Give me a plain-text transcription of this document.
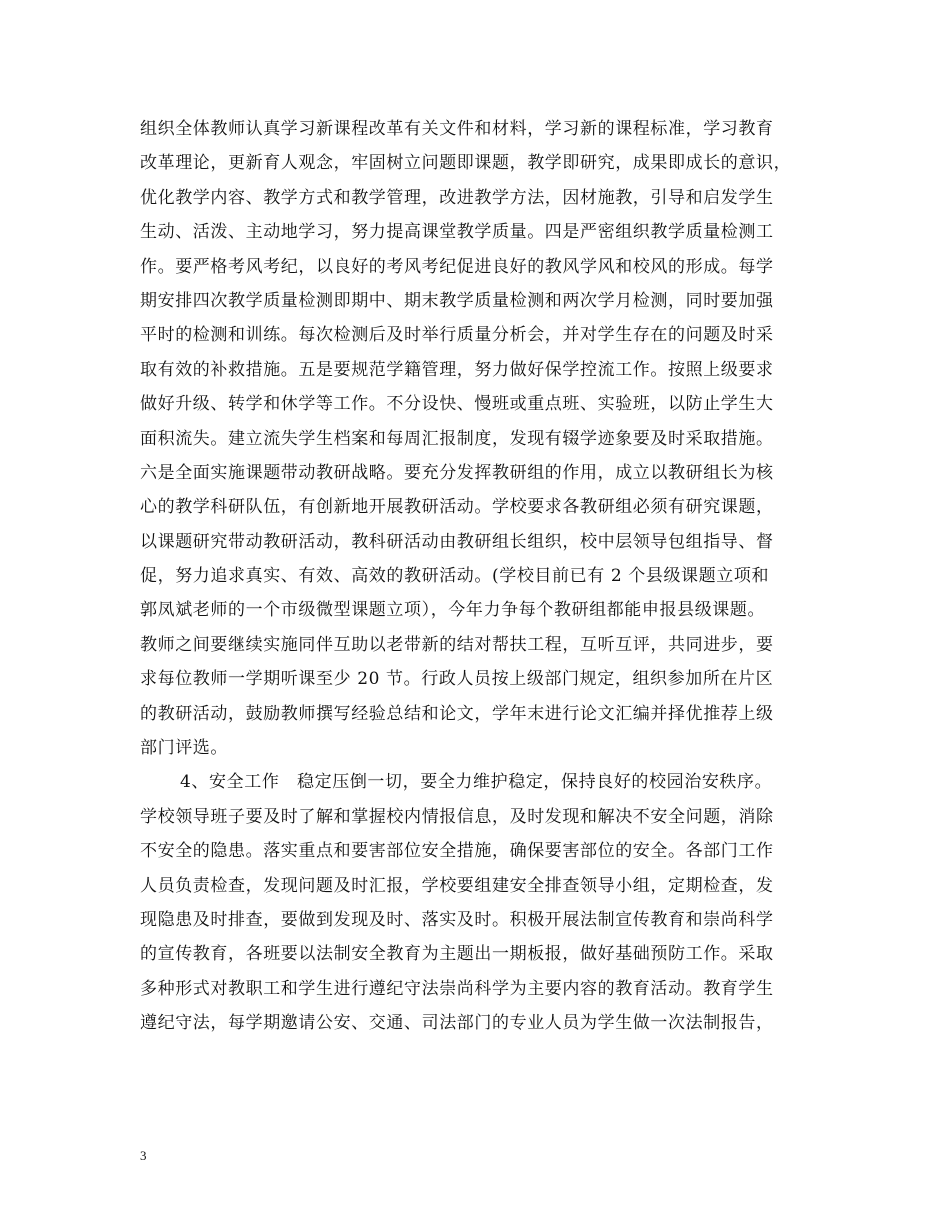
组织全体教师认真学习新课程改革有关文件和材料，学习新的课程标准，学习教育
改革理论，更新育人观念，牢固树立问题即课题，教学即研究，成果即成长的意识，
优化教学内容、教学方式和教学管理，改进教学方法，因材施教，引导和启发学生
生动、活泼、主动地学习，努力提高课堂教学质量。四是严密组织教学质量检测工
作。要严格考风考纪，以良好的考风考纪促进良好的教风学风和校风的形成。每学
期安排四次教学质量检测即期中、期末教学质量检测和两次学月检测，同时要加强
平时的检测和训练。每次检测后及时举行质量分析会，并对学生存在的问题及时采
取有效的补救措施。五是要规范学籍管理，努力做好保学控流工作。按照上级要求
做好升级、转学和休学等工作。不分设快、慢班或重点班、实验班，以防止学生大
面积流失。建立流失学生档案和每周汇报制度，发现有辍学迹象要及时采取措施。
六是全面实施课题带动教研战略。要充分发挥教研组的作用，成立以教研组长为核
心的教学科研队伍，有创新地开展教研活动。学校要求各教研组必须有研究课题，
以课题研究带动教研活动，教科研活动由教研组长组织，校中层领导包组指导、督
促，努力追求真实、有效、高效的教研活动。(学校目前已有 2 个县级课题立项和
郭凤斌老师的一个市级微型课题立项），今年力争每个教研组都能申报县级课题。
教师之间要继续实施同伴互助以老带新的结对帮扶工程，互听互评，共同进步，要
求每位教师一学期听课至少 20 节。行政人员按上级部门规定，组织参加所在片区
的教研活动，鼓励教师撰写经验总结和论文，学年末进行论文汇编并择优推荐上级
部门评选。
4、安全工作　稳定压倒一切，要全力维护稳定，保持良好的校园治安秩序。
学校领导班子要及时了解和掌握校内情报信息，及时发现和解决不安全问题，消除
不安全的隐患。落实重点和要害部位安全措施，确保要害部位的安全。各部门工作
人员负责检查，发现问题及时汇报，学校要组建安全排查领导小组，定期检查，发
现隐患及时排查，要做到发现及时、落实及时。积极开展法制宣传教育和崇尚科学
的宣传教育，各班要以法制安全教育为主题出一期板报，做好基础预防工作。采取
多种形式对教职工和学生进行遵纪守法崇尚科学为主要内容的教育活动。教育学生
遵纪守法，每学期邀请公安、交通、司法部门的专业人员为学生做一次法制报告，
3
